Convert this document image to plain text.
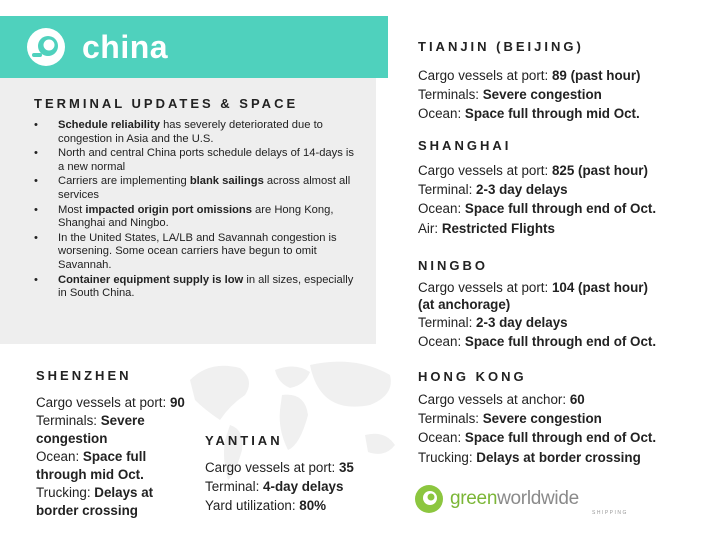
china
TERMINAL UPDATES & SPACE
• Schedule reliability has severely deteriorated due to congestion in Asia and the U.S.
• North and central China ports schedule delays of 14-days is a new normal
• Carriers are implementing blank sailings across almost all services
• Most impacted origin port omissions are Hong Kong, Shanghai and Ningbo.
• In the United States, LA/LB and Savannah congestion is worsening. Some ocean carriers have begun to omit Savannah.
• Container equipment supply is low in all sizes, especially in South China.
SHENZHEN
Cargo vessels at port: 90
Terminals: Severe
congestion
Ocean: Space full
through mid Oct.
Trucking: Delays at
border crossing
YANTIAN
Cargo vessels at port: 35
Terminal: 4-day delays
Yard utilization: 80%
TIANJIN (BEIJING)
Cargo vessels at port: 89 (past hour)
Terminals: Severe congestion
Ocean: Space full through mid Oct.
SHANGHAI
Cargo vessels at port: 825 (past hour)
Terminal: 2-3 day delays
Ocean: Space full through end of Oct.
Air: Restricted Flights
NINGBO
Cargo vessels at port: 104 (past hour)
(at anchorage)
Terminal: 2-3 day delays
Ocean: Space full through end of Oct.
HONG KONG
Cargo vessels at anchor: 60
Terminals: Severe congestion
Ocean: Space full through end of Oct.
Trucking: Delays at border crossing
greenworldwide
SHIPPING
